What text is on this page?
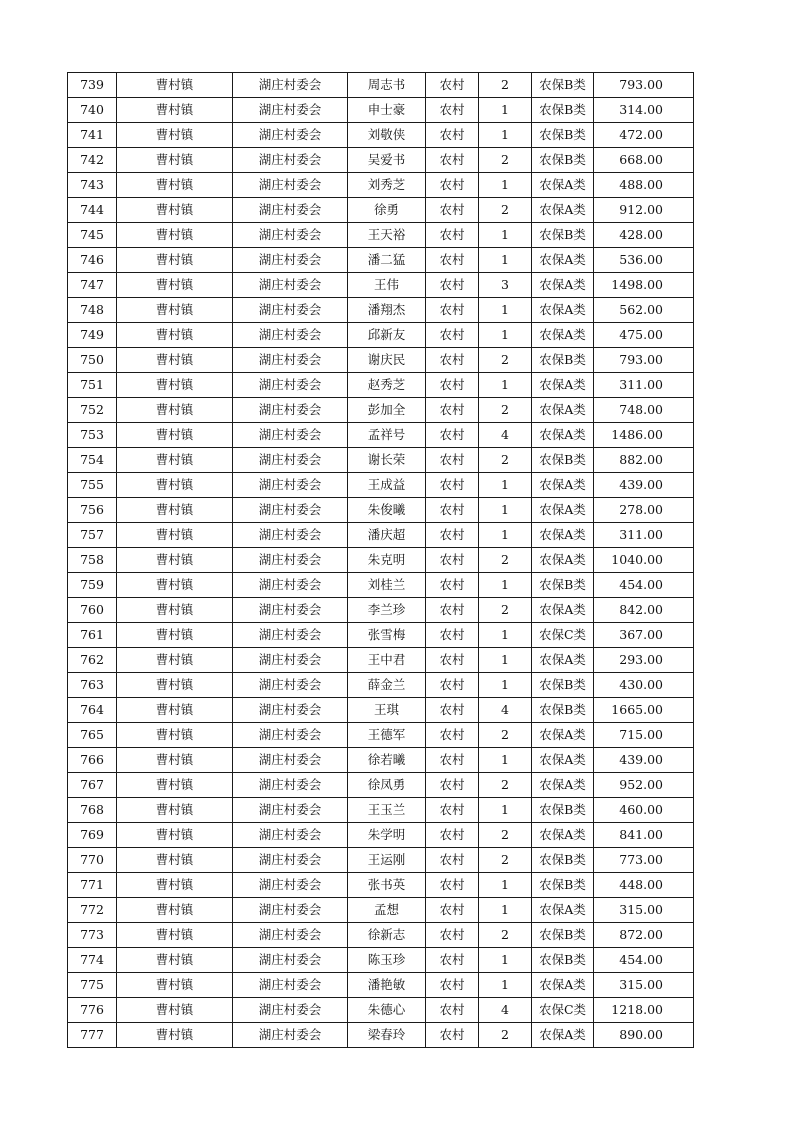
739	曹村镇	湖庄村委会	周志书	农村	2	农保B类	793.00
740	曹村镇	湖庄村委会	申士豪	农村	1	农保B类	314.00
741	曹村镇	湖庄村委会	刘敬侠	农村	1	农保B类	472.00
742	曹村镇	湖庄村委会	吴爱书	农村	2	农保B类	668.00
743	曹村镇	湖庄村委会	刘秀芝	农村	1	农保A类	488.00
744	曹村镇	湖庄村委会	徐勇	农村	2	农保A类	912.00
745	曹村镇	湖庄村委会	王天裕	农村	1	农保B类	428.00
746	曹村镇	湖庄村委会	潘二猛	农村	1	农保A类	536.00
747	曹村镇	湖庄村委会	王伟	农村	3	农保A类	1498.00
748	曹村镇	湖庄村委会	潘翔杰	农村	1	农保A类	562.00
749	曹村镇	湖庄村委会	邱新友	农村	1	农保A类	475.00
750	曹村镇	湖庄村委会	谢庆民	农村	2	农保B类	793.00
751	曹村镇	湖庄村委会	赵秀芝	农村	1	农保A类	311.00
752	曹村镇	湖庄村委会	彭加全	农村	2	农保A类	748.00
753	曹村镇	湖庄村委会	孟祥号	农村	4	农保A类	1486.00
754	曹村镇	湖庄村委会	谢长荣	农村	2	农保B类	882.00
755	曹村镇	湖庄村委会	王成益	农村	1	农保A类	439.00
756	曹村镇	湖庄村委会	朱俊曦	农村	1	农保A类	278.00
757	曹村镇	湖庄村委会	潘庆超	农村	1	农保A类	311.00
758	曹村镇	湖庄村委会	朱克明	农村	2	农保A类	1040.00
759	曹村镇	湖庄村委会	刘桂兰	农村	1	农保B类	454.00
760	曹村镇	湖庄村委会	李兰珍	农村	2	农保A类	842.00
761	曹村镇	湖庄村委会	张雪梅	农村	1	农保C类	367.00
762	曹村镇	湖庄村委会	王中君	农村	1	农保A类	293.00
763	曹村镇	湖庄村委会	薛金兰	农村	1	农保B类	430.00
764	曹村镇	湖庄村委会	王琪	农村	4	农保B类	1665.00
765	曹村镇	湖庄村委会	王德军	农村	2	农保A类	715.00
766	曹村镇	湖庄村委会	徐若曦	农村	1	农保A类	439.00
767	曹村镇	湖庄村委会	徐凤勇	农村	2	农保A类	952.00
768	曹村镇	湖庄村委会	王玉兰	农村	1	农保B类	460.00
769	曹村镇	湖庄村委会	朱学明	农村	2	农保A类	841.00
770	曹村镇	湖庄村委会	王运刚	农村	2	农保B类	773.00
771	曹村镇	湖庄村委会	张书英	农村	1	农保B类	448.00
772	曹村镇	湖庄村委会	孟想	农村	1	农保A类	315.00
773	曹村镇	湖庄村委会	徐新志	农村	2	农保B类	872.00
774	曹村镇	湖庄村委会	陈玉珍	农村	1	农保B类	454.00
775	曹村镇	湖庄村委会	潘艳敏	农村	1	农保A类	315.00
776	曹村镇	湖庄村委会	朱德心	农村	4	农保C类	1218.00
777	曹村镇	湖庄村委会	梁春玲	农村	2	农保A类	890.00
